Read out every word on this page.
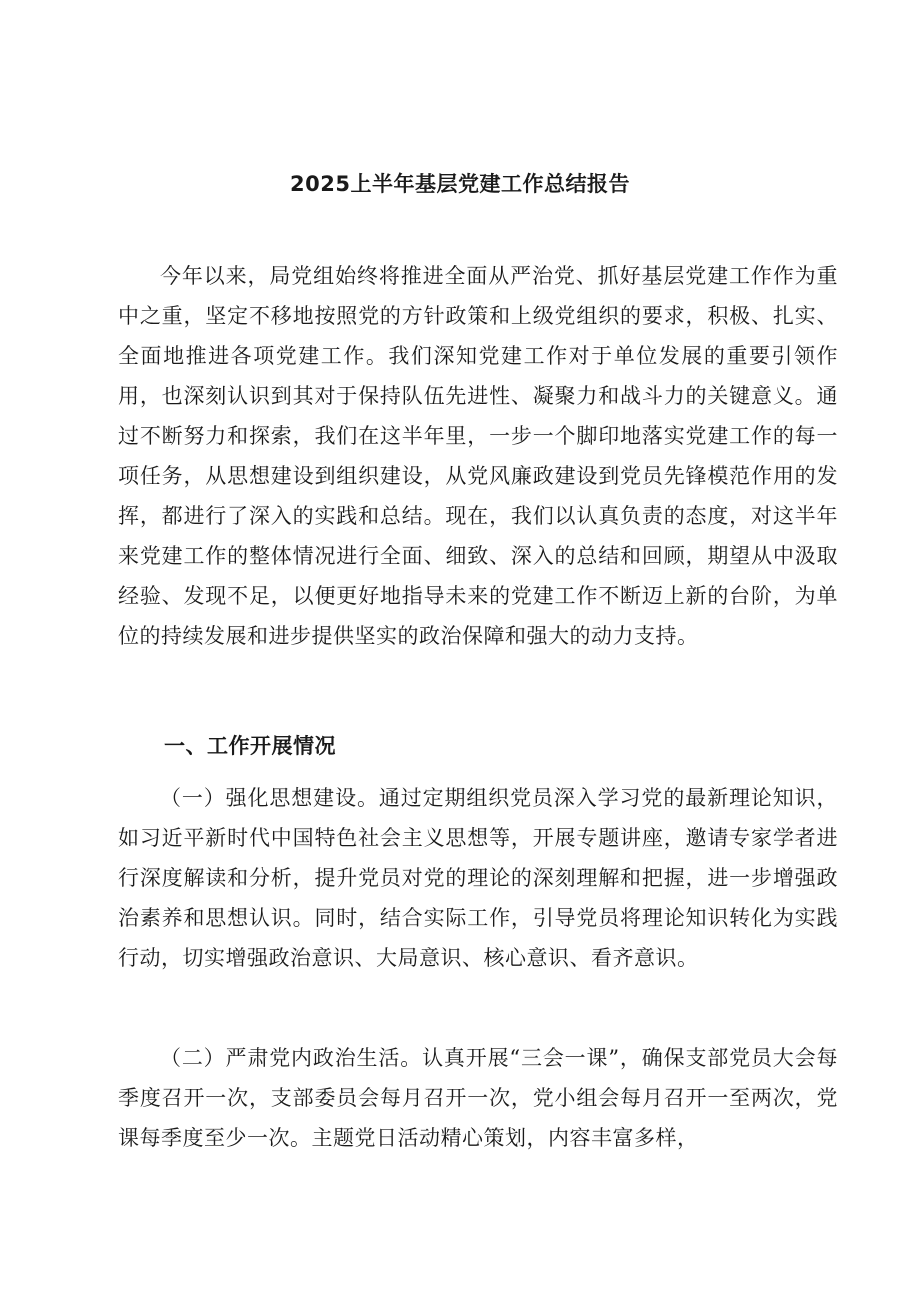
2025上半年基层党建工作总结报告

今年以来，局党组始终将推进全面从严治党、抓好基层党建工作作为重中之重，坚定不移地按照党的方针政策和上级党组织的要求，积极、扎实、全面地推进各项党建工作。我们深知党建工作对于单位发展的重要引领作用，也深刻认识到其对于保持队伍先进性、凝聚力和战斗力的关键意义。通过不断努力和探索，我们在这半年里，一步一个脚印地落实党建工作的每一项任务，从思想建设到组织建设，从党风廉政建设到党员先锋模范作用的发挥，都进行了深入的实践和总结。现在，我们以认真负责的态度，对这半年来党建工作的整体情况进行全面、细致、深入的总结和回顾，期望从中汲取经验、发现不足，以便更好地指导未来的党建工作不断迈上新的台阶，为单位的持续发展和进步提供坚实的政治保障和强大的动力支持。

一、工作开展情况

（一）强化思想建设。通过定期组织党员深入学习党的最新理论知识，如习近平新时代中国特色社会主义思想等，开展专题讲座，邀请专家学者进行深度解读和分析，提升党员对党的理论的深刻理解和把握，进一步增强政治素养和思想认识。同时，结合实际工作，引导党员将理论知识转化为实践行动，切实增强政治意识、大局意识、核心意识、看齐意识。

（二）严肃党内政治生活。认真开展“三会一课”，确保支部党员大会每季度召开一次，支部委员会每月召开一次，党小组会每月召开一至两次，党课每季度至少一次。主题党日活动精心策划，内容丰富多样，
